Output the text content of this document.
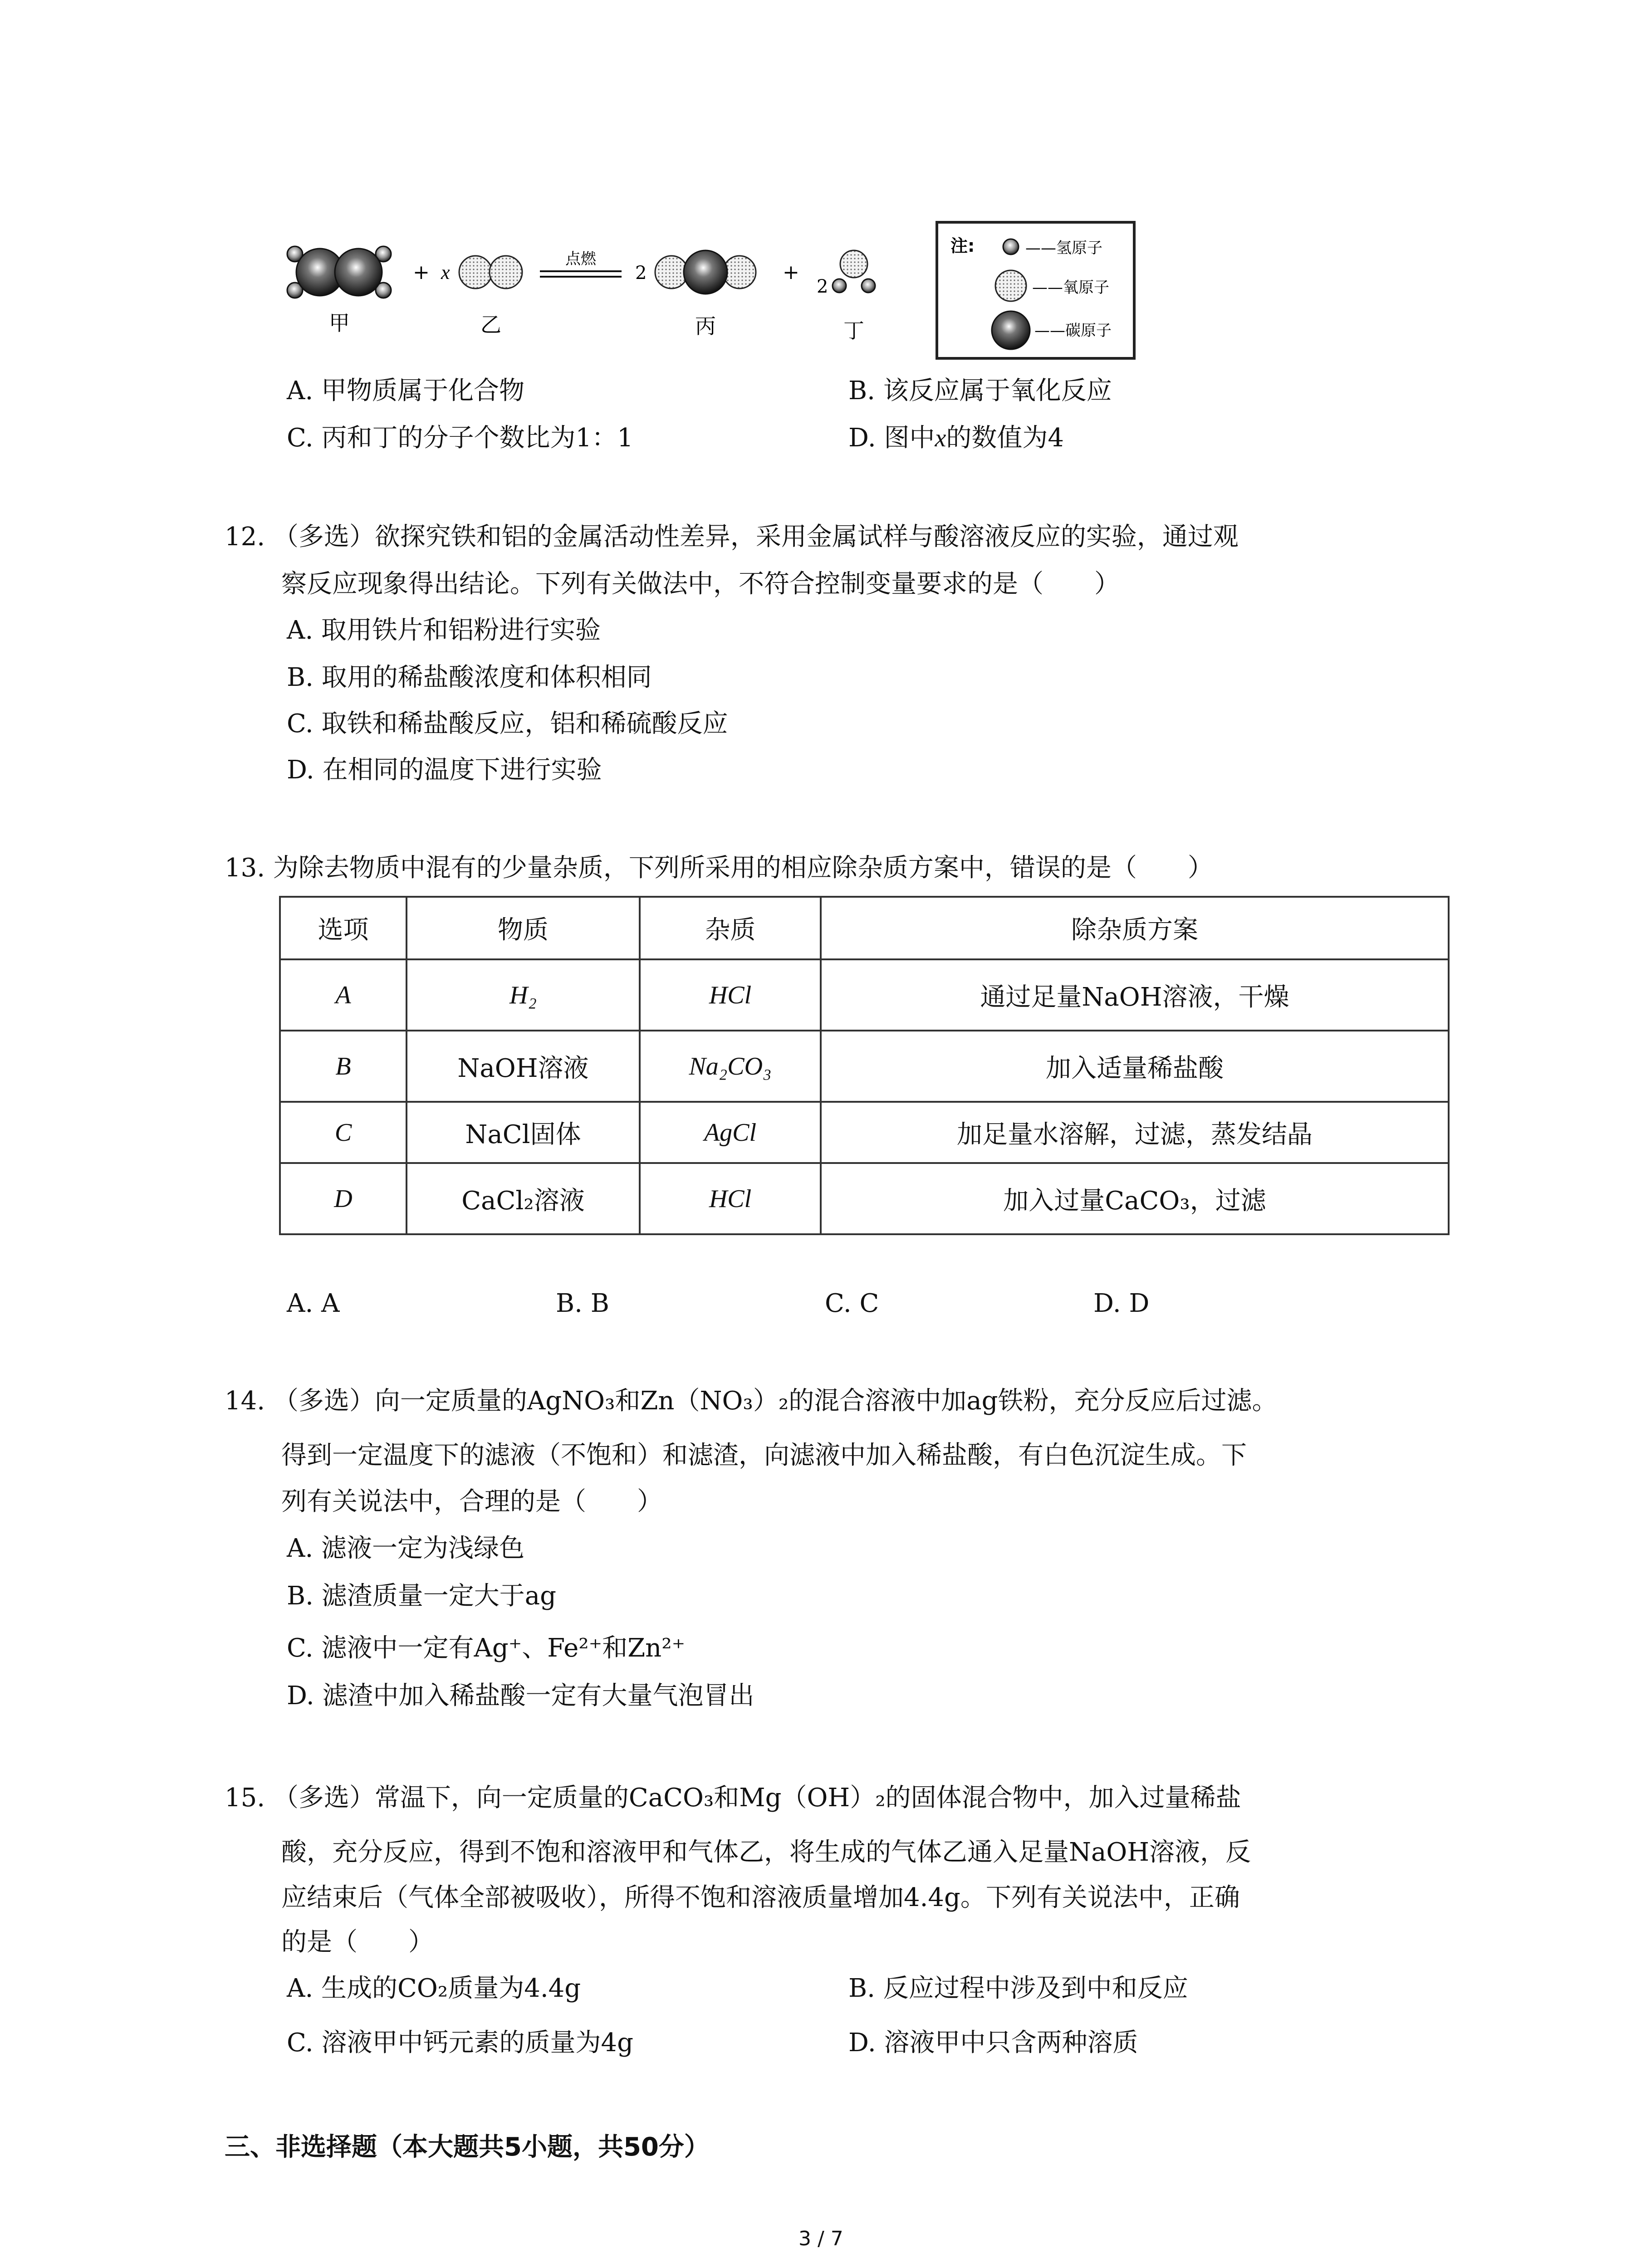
甲
+ x
乙
点燃
2
丙
+
2
丁
注:	——氢原子
——氧原子
——碳原子
A. 甲物质属于化合物	B. 该反应属于氧化反应
C. 丙和丁的分子个数比为1：1	D. 图中x的数值为4
12. （多选）欲探究铁和铝的金属活动性差异，采用金属试样与酸溶液反应的实验，通过观
察反应现象得出结论。下列有关做法中，不符合控制变量要求的是（　　）
A. 取用铁片和铝粉进行实验
B. 取用的稀盐酸浓度和体积相同
C. 取铁和稀盐酸反应，铝和稀硫酸反应
D. 在相同的温度下进行实验
13. 为除去物质中混有的少量杂质，下列所采用的相应除杂质方案中，错误的是（　　）
选项	物质	杂质	除杂质方案
A	H₂	HCl	通过足量NaOH溶液，干燥
B	NaOH溶液	Na₂CO₃	加入适量稀盐酸
C	NaCl固体	AgCl	加足量水溶解，过滤，蒸发结晶
D	CaCl₂溶液	HCl	加入过量CaCO₃，过滤
A. A	B. B	C. C	D. D
14. （多选）向一定质量的AgNO₃和Zn（NO₃）₂的混合溶液中加ag铁粉，充分反应后过滤。
得到一定温度下的滤液（不饱和）和滤渣，向滤液中加入稀盐酸，有白色沉淀生成。下
列有关说法中，合理的是（　　）
A. 滤液一定为浅绿色
B. 滤渣质量一定大于ag
C. 滤液中一定有Ag⁺、Fe²⁺和Zn²⁺
D. 滤渣中加入稀盐酸一定有大量气泡冒出
15. （多选）常温下，向一定质量的CaCO₃和Mg（OH）₂的固体混合物中，加入过量稀盐
酸，充分反应，得到不饱和溶液甲和气体乙，将生成的气体乙通入足量NaOH溶液，反
应结束后（气体全部被吸收），所得不饱和溶液质量增加4.4g。下列有关说法中，正确
的是（　　）
A. 生成的CO₂质量为4.4g	B. 反应过程中涉及到中和反应
C. 溶液甲中钙元素的质量为4g	D. 溶液甲中只含两种溶质
三、非选择题（本大题共5小题，共50分）
3 / 7
